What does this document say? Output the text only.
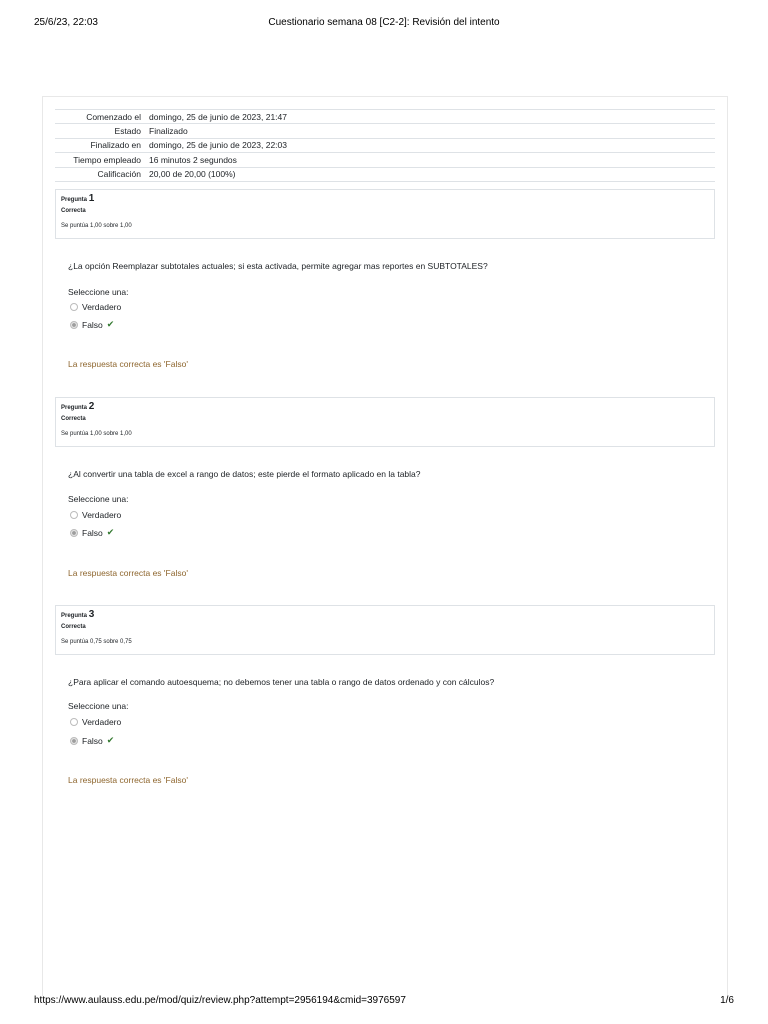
25/6/23, 22:03	Cuestionario semana 08 [C2-2]: Revisión del intento
Comenzado el	domingo, 25 de junio de 2023, 21:47
Estado	Finalizado
Finalizado en	domingo, 25 de junio de 2023, 22:03
Tiempo empleado	16 minutos 2 segundos
Calificación	20,00 de 20,00 (100%)
Pregunta 1
Correcta
Se puntúa 1,00 sobre 1,00
¿La opción Reemplazar subtotales actuales; si esta activada, permite agregar mas reportes en SUBTOTALES?
Seleccione una:
Verdadero
Falso ✔
La respuesta correcta es 'Falso'
Pregunta 2
Correcta
Se puntúa 1,00 sobre 1,00
¿Al convertir una tabla de excel a rango de datos; este pierde el formato aplicado en la tabla?
Seleccione una:
Verdadero
Falso ✔
La respuesta correcta es 'Falso'
Pregunta 3
Correcta
Se puntúa 0,75 sobre 0,75
¿Para aplicar el comando autoesquema; no debemos tener una tabla o rango de datos ordenado y con cálculos?
Seleccione una:
Verdadero
Falso ✔
La respuesta correcta es 'Falso'
https://www.aulauss.edu.pe/mod/quiz/review.php?attempt=2956194&cmid=3976597	1/6
